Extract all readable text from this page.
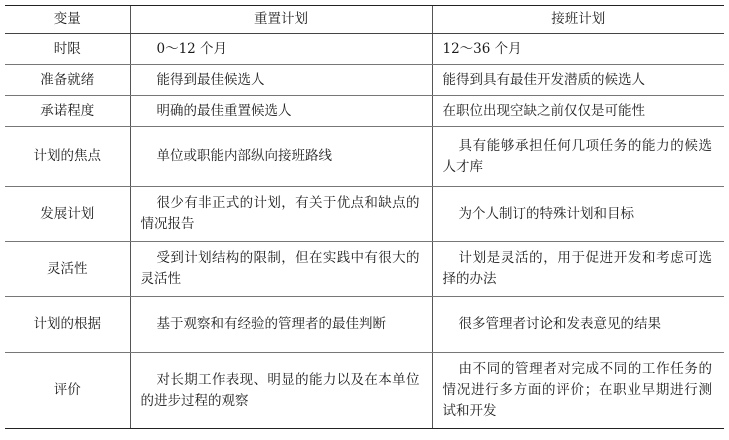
变量	重置计划	接班计划
时限	0～12 个月	12～36 个月
准备就绪	能得到最佳候选人	能得到具有最佳开发潜质的候选人
承诺程度	明确的最佳重置候选人	在职位出现空缺之前仅仅是可能性
计划的焦点	单位或职能内部纵向接班路线	具有能够承担任何几项任务的能力的候选人才库
发展计划	很少有非正式的计划，有关于优点和缺点的情况报告	为个人制订的特殊计划和目标
灵活性	受到计划结构的限制，但在实践中有很大的灵活性	计划是灵活的，用于促进开发和考虑可选择的办法
计划的根据	基于观察和有经验的管理者的最佳判断	很多管理者讨论和发表意见的结果
评价	对长期工作表现、明显的能力以及在本单位的进步过程的观察	由不同的管理者对完成不同的工作任务的情况进行多方面的评价；在职业早期进行测试和开发
